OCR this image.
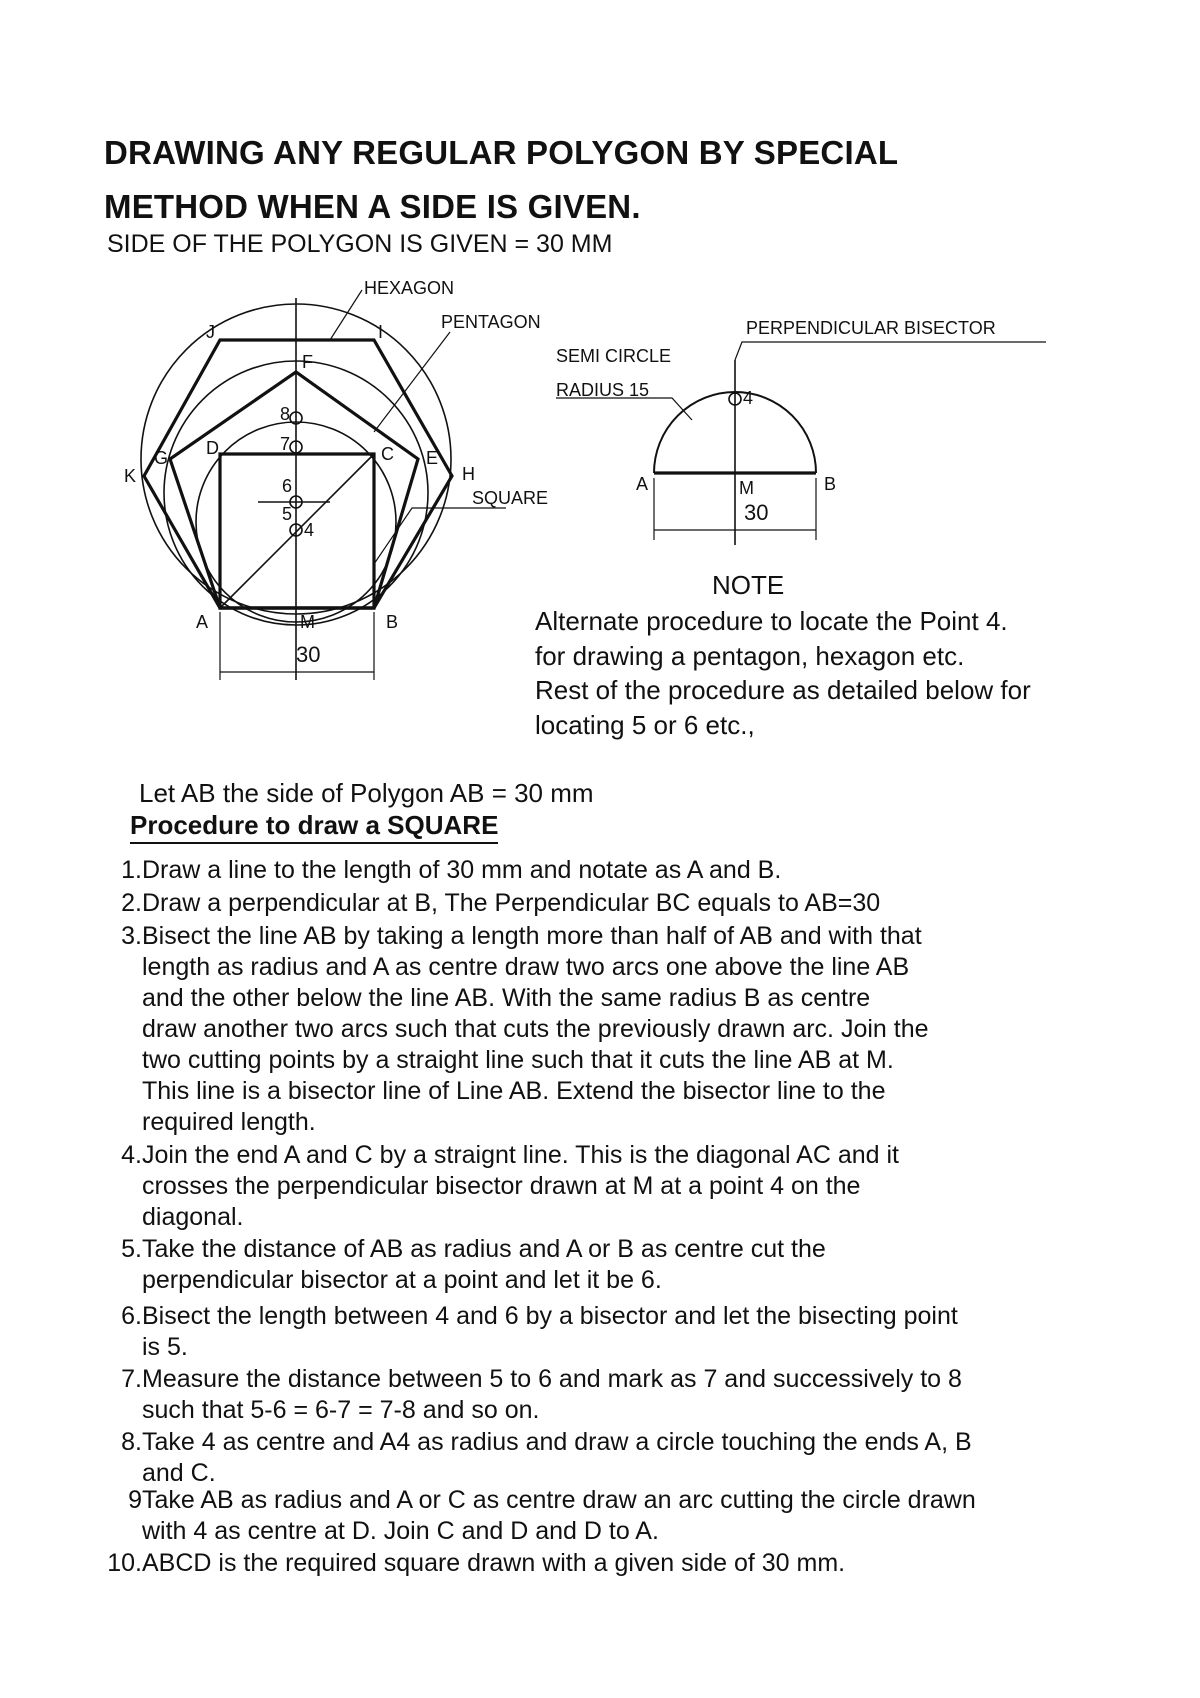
DRAWING ANY REGULAR POLYGON BY SPECIAL
METHOD WHEN A SIDE IS GIVEN.
SIDE OF THE POLYGON IS GIVEN = 30 MM
HEXAGON
PENTAGON
SQUARE
A	B
C
D	E
F
G
H
I
J
K
M
8
7
6
5
4
30
PERPENDICULAR BISECTOR
SEMI CIRCLE
RADIUS 15
A	B
M
4
30
NOTE
Alternate procedure to locate the Point 4.
for drawing a pentagon, hexagon etc.
Rest of the procedure as detailed below for
locating 5 or 6 etc.,
Let AB the side of Polygon AB = 30 mm
Procedure to draw a SQUARE
1. Draw a line to the length of 30 mm and notate as A and B.
2. Draw a perpendicular at B, The Perpendicular BC equals to AB=30
3. Bisect the line AB by taking a length more than half of AB and with that
length as radius and A as centre draw two arcs one above the line AB
and the other below the line AB. With the same radius B as centre
draw another two arcs such that cuts the previously drawn arc. Join the
two cutting points by a straight line such that it cuts the line AB at M.
This line is a bisector line of Line AB. Extend the bisector line to the
required length.
4. Join the end A and C by a straignt line. This is the diagonal AC and it
crosses the perpendicular bisector drawn at M at a point 4 on the
diagonal.
5. Take the distance of AB as radius and A or B as centre cut the
perpendicular bisector at a point and let it be 6.
6. Bisect the length between 4 and 6 by a bisector and let the bisecting point
is 5.
7. Measure the distance between 5 to 6 and mark as 7 and successively to 8
such that 5-6 = 6-7 = 7-8 and so on.
8. Take 4 as centre and A4 as radius and draw a circle touching the ends A, B
and C.
9 Take AB as radius and A or C as centre draw an arc cutting the circle drawn
with 4 as centre at D. Join C and D and D to A.
10. ABCD is the required square drawn with a given side of 30 mm.
